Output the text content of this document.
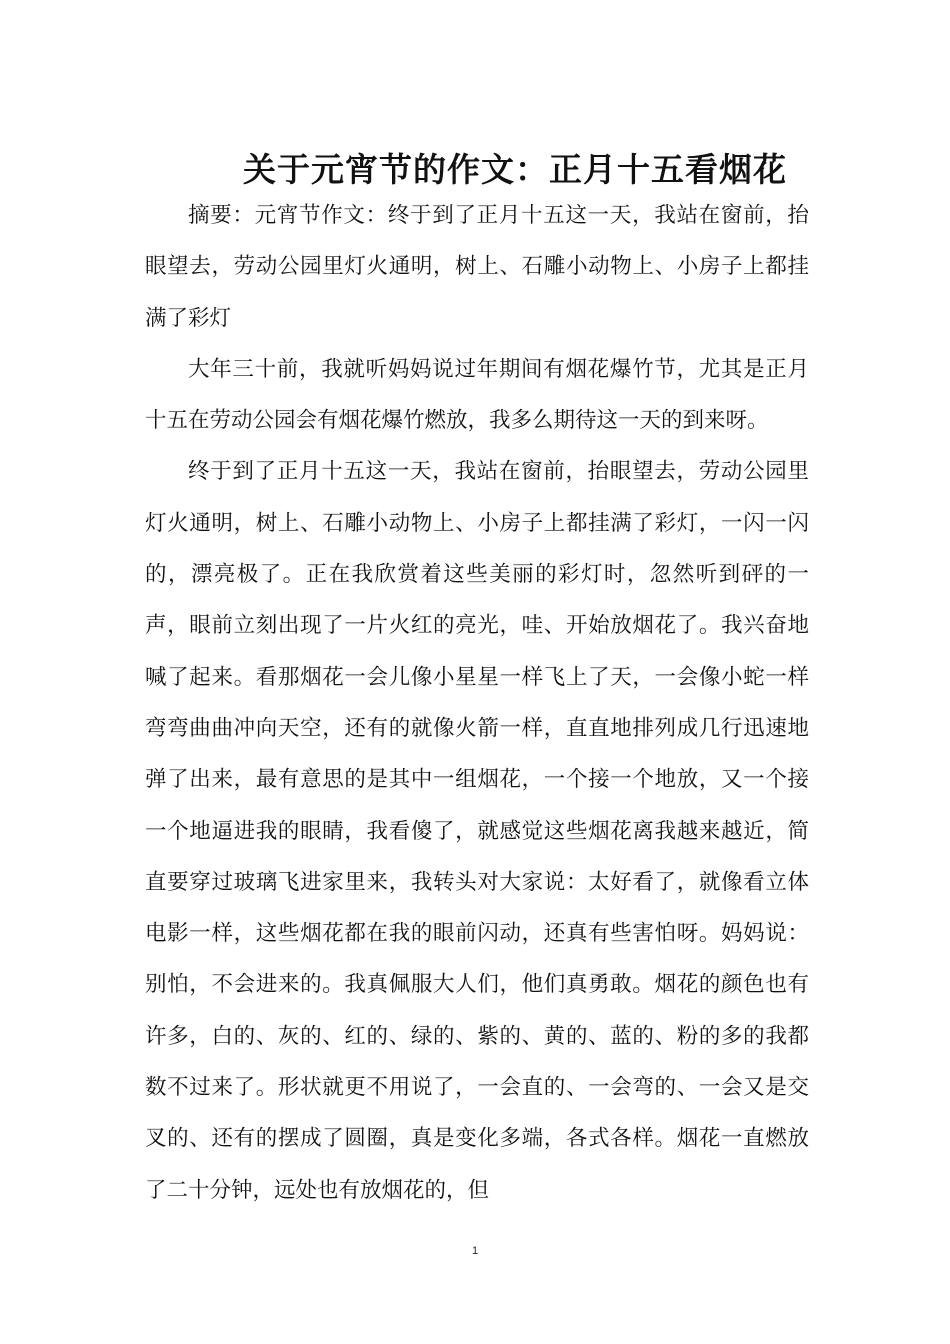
关于元宵节的作文：正月十五看烟花

摘要：元宵节作文：终于到了正月十五这一天，我站在窗前，抬眼望去，劳动公园里灯火通明，树上、石雕小动物上、小房子上都挂满了彩灯

大年三十前，我就听妈妈说过年期间有烟花爆竹节，尤其是正月十五在劳动公园会有烟花爆竹燃放，我多么期待这一天的到来呀。

终于到了正月十五这一天，我站在窗前，抬眼望去，劳动公园里灯火通明，树上、石雕小动物上、小房子上都挂满了彩灯，一闪一闪的，漂亮极了。正在我欣赏着这些美丽的彩灯时，忽然听到砰的一声，眼前立刻出现了一片火红的亮光，哇、开始放烟花了。我兴奋地喊了起来。看那烟花一会儿像小星星一样飞上了天，一会像小蛇一样弯弯曲曲冲向天空，还有的就像火箭一样，直直地排列成几行迅速地弹了出来，最有意思的是其中一组烟花，一个接一个地放，又一个接一个地逼进我的眼睛，我看傻了，就感觉这些烟花离我越来越近，简直要穿过玻璃飞进家里来，我转头对大家说：太好看了，就像看立体电影一样，这些烟花都在我的眼前闪动，还真有些害怕呀。妈妈说：别怕，不会进来的。我真佩服大人们，他们真勇敢。烟花的颜色也有许多，白的、灰的、红的、绿的、紫的、黄的、蓝的、粉的多的我都数不过来了。形状就更不用说了，一会直的、一会弯的、一会又是交叉的、还有的摆成了圆圈，真是变化多端，各式各样。烟花一直燃放了二十分钟，远处也有放烟花的，但

1
